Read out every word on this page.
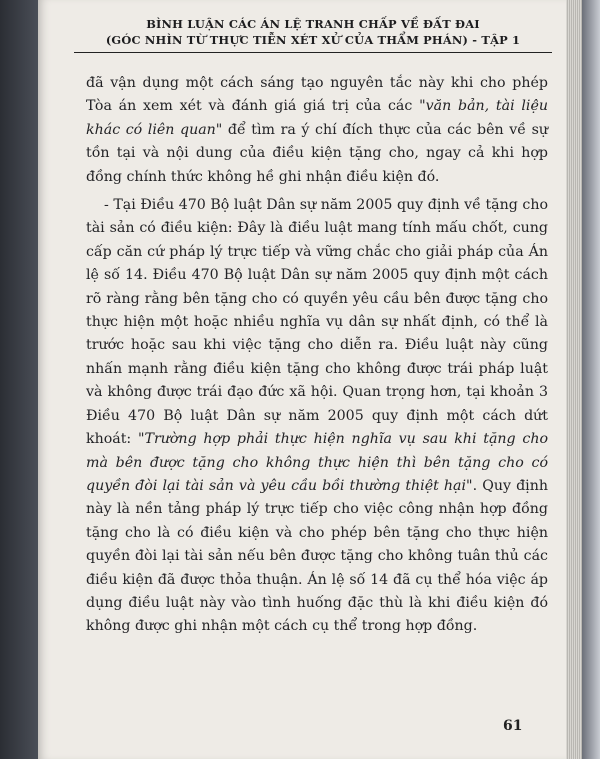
BÌNH LUẬN CÁC ÁN LỆ TRANH CHẤP VỀ ĐẤT ĐAI
(GÓC NHÌN TỪ THỰC TIỄN XÉT XỬ CỦA THẨM PHÁN) - TẬP 1

đã vận dụng một cách sáng tạo nguyên tắc này khi cho phép Tòa án xem xét và đánh giá giá trị của các "văn bản, tài liệu khác có liên quan" để tìm ra ý chí đích thực của các bên về sự tồn tại và nội dung của điều kiện tặng cho, ngay cả khi hợp đồng chính thức không hề ghi nhận điều kiện đó.

- Tại Điều 470 Bộ luật Dân sự năm 2005 quy định về tặng cho tài sản có điều kiện: Đây là điều luật mang tính mấu chốt, cung cấp căn cứ pháp lý trực tiếp và vững chắc cho giải pháp của Án lệ số 14. Điều 470 Bộ luật Dân sự năm 2005 quy định một cách rõ ràng rằng bên tặng cho có quyền yêu cầu bên được tặng cho thực hiện một hoặc nhiều nghĩa vụ dân sự nhất định, có thể là trước hoặc sau khi việc tặng cho diễn ra. Điều luật này cũng nhấn mạnh rằng điều kiện tặng cho không được trái pháp luật và không được trái đạo đức xã hội. Quan trọng hơn, tại khoản 3 Điều 470 Bộ luật Dân sự năm 2005 quy định một cách dứt khoát: "Trường hợp phải thực hiện nghĩa vụ sau khi tặng cho mà bên được tặng cho không thực hiện thì bên tặng cho có quyền đòi lại tài sản và yêu cầu bồi thường thiệt hại". Quy định này là nền tảng pháp lý trực tiếp cho việc công nhận hợp đồng tặng cho là có điều kiện và cho phép bên tặng cho thực hiện quyền đòi lại tài sản nếu bên được tặng cho không tuân thủ các điều kiện đã được thỏa thuận. Án lệ số 14 đã cụ thể hóa việc áp dụng điều luật này vào tình huống đặc thù là khi điều kiện đó không được ghi nhận một cách cụ thể trong hợp đồng.

61
